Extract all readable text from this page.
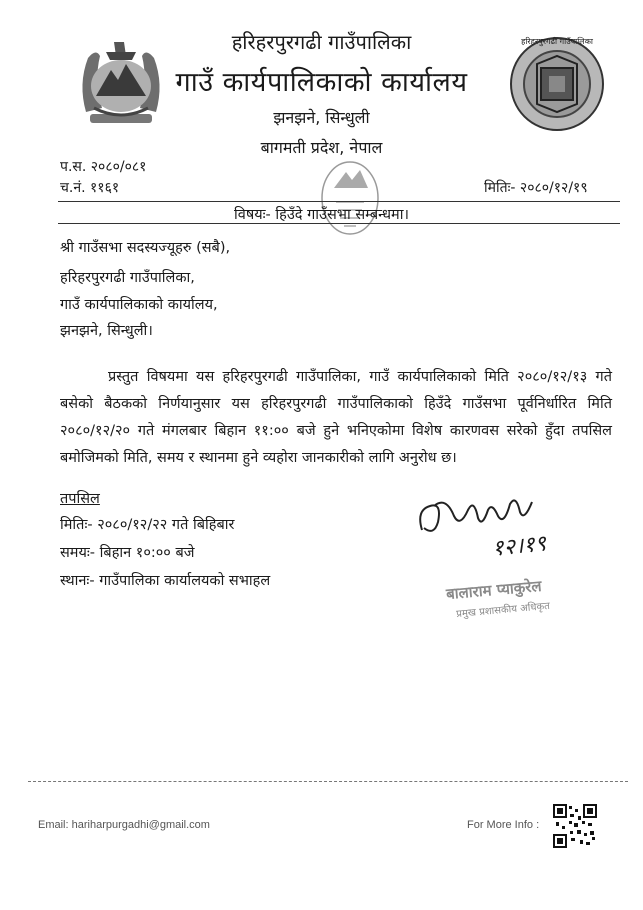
हरिहरपुरगढी गाउँपालिका
हरिहरपुरगढी गाउँपालिका
गाउँ कार्यपालिकाको कार्यालय
झनझने, सिन्धुली
बागमती प्रदेश, नेपाल
प.स. २०८०/०८१
च.नं. ११६१	मितिः- २०८०/१२/१९
विषयः- हिउँदे गाउँसभा सम्बन्धमा।
श्री गाउँसभा सदस्यज्यूहरु (सबै),
हरिहरपुरगढी गाउँपालिका,
गाउँ कार्यपालिकाको कार्यालय,
झनझने, सिन्धुली।
प्रस्तुत विषयमा यस हरिहरपुरगढी गाउँपालिका, गाउँ कार्यपालिकाको मिति २०८०/१२/१३ गते बसेको बैठकको निर्णयानुसार यस हरिहरपुरगढी गाउँपालिकाको हिउँदे गाउँसभा पूर्वनिर्धारित मिति २०८०/१२/२० गते मंगलबार बिहान ११:०० बजे हुने भनिएकोमा विशेष कारणवस सरेको हुँदा तपसिल बमोजिमको मिति, समय र स्थानमा हुने व्यहोरा जानकारीको लागि अनुरोध छ।
तपसिल
मितिः- २०८०/१२/२२ गते बिहिबार
समयः- बिहान १०:०० बजे
स्थानः- गाउँपालिका कार्यालयको सभाहल
१२।१९
बालाराम प्याकुरेल
प्रमुख प्रशासकीय अधिकृत
Email: hariharpurgadhi@gmail.com	For More Info :
